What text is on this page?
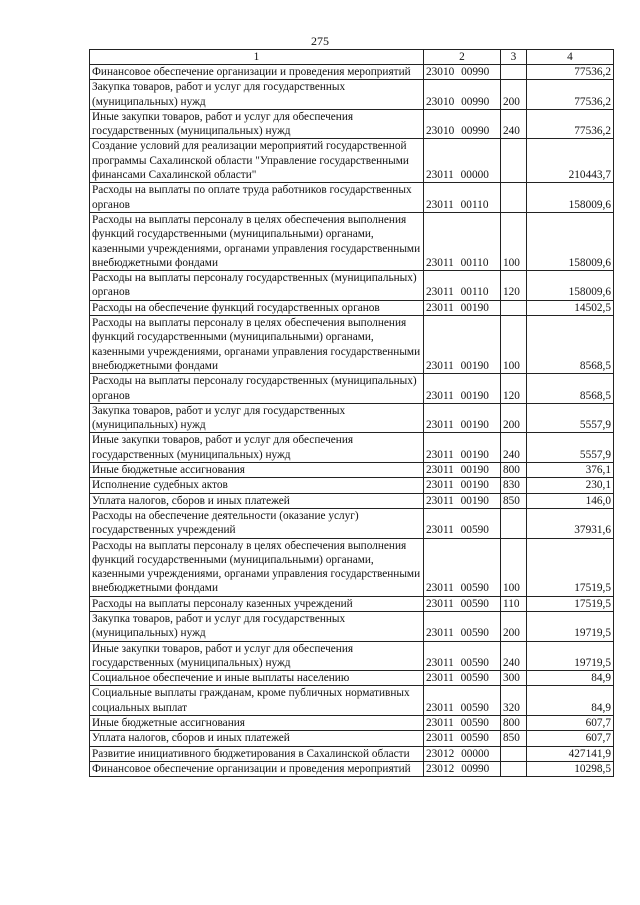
275
1	2	3	4
Финансовое обеспечение организации и проведения мероприятий	23010 00990		77536,2
Закупка товаров, работ и услуг для государственных (муниципальных) нужд	23010 00990	200	77536,2
Иные закупки товаров, работ и услуг для обеспечения государственных (муниципальных) нужд	23010 00990	240	77536,2
Создание условий для реализации мероприятий государственной программы Сахалинской области "Управление государственными финансами Сахалинской области"	23011 00000		210443,7
Расходы на выплаты по оплате труда работников государственных органов	23011 00110		158009,6
Расходы на выплаты персоналу в целях обеспечения выполнения функций государственными (муниципальными) органами, казенными учреждениями, органами управления государственными внебюджетными фондами	23011 00110	100	158009,6
Расходы на выплаты персоналу государственных (муниципальных) органов	23011 00110	120	158009,6
Расходы на обеспечение функций государственных органов	23011 00190		14502,5
Расходы на выплаты персоналу в целях обеспечения выполнения функций государственными (муниципальными) органами, казенными учреждениями, органами управления государственными внебюджетными фондами	23011 00190	100	8568,5
Расходы на выплаты персоналу государственных (муниципальных) органов	23011 00190	120	8568,5
Закупка товаров, работ и услуг для государственных (муниципальных) нужд	23011 00190	200	5557,9
Иные закупки товаров, работ и услуг для обеспечения государственных (муниципальных) нужд	23011 00190	240	5557,9
Иные бюджетные ассигнования	23011 00190	800	376,1
Исполнение судебных актов	23011 00190	830	230,1
Уплата налогов, сборов и иных платежей	23011 00190	850	146,0
Расходы на обеспечение деятельности (оказание услуг) государственных учреждений	23011 00590		37931,6
Расходы на выплаты персоналу в целях обеспечения выполнения функций государственными (муниципальными) органами, казенными учреждениями, органами управления государственными внебюджетными фондами	23011 00590	100	17519,5
Расходы на выплаты персоналу казенных учреждений	23011 00590	110	17519,5
Закупка товаров, работ и услуг для государственных (муниципальных) нужд	23011 00590	200	19719,5
Иные закупки товаров, работ и услуг для обеспечения государственных (муниципальных) нужд	23011 00590	240	19719,5
Социальное обеспечение и иные выплаты населению	23011 00590	300	84,9
Социальные выплаты гражданам, кроме публичных нормативных социальных выплат	23011 00590	320	84,9
Иные бюджетные ассигнования	23011 00590	800	607,7
Уплата налогов, сборов и иных платежей	23011 00590	850	607,7
Развитие инициативного бюджетирования в Сахалинской области	23012 00000		427141,9
Финансовое обеспечение организации и проведения мероприятий	23012 00990		10298,5
